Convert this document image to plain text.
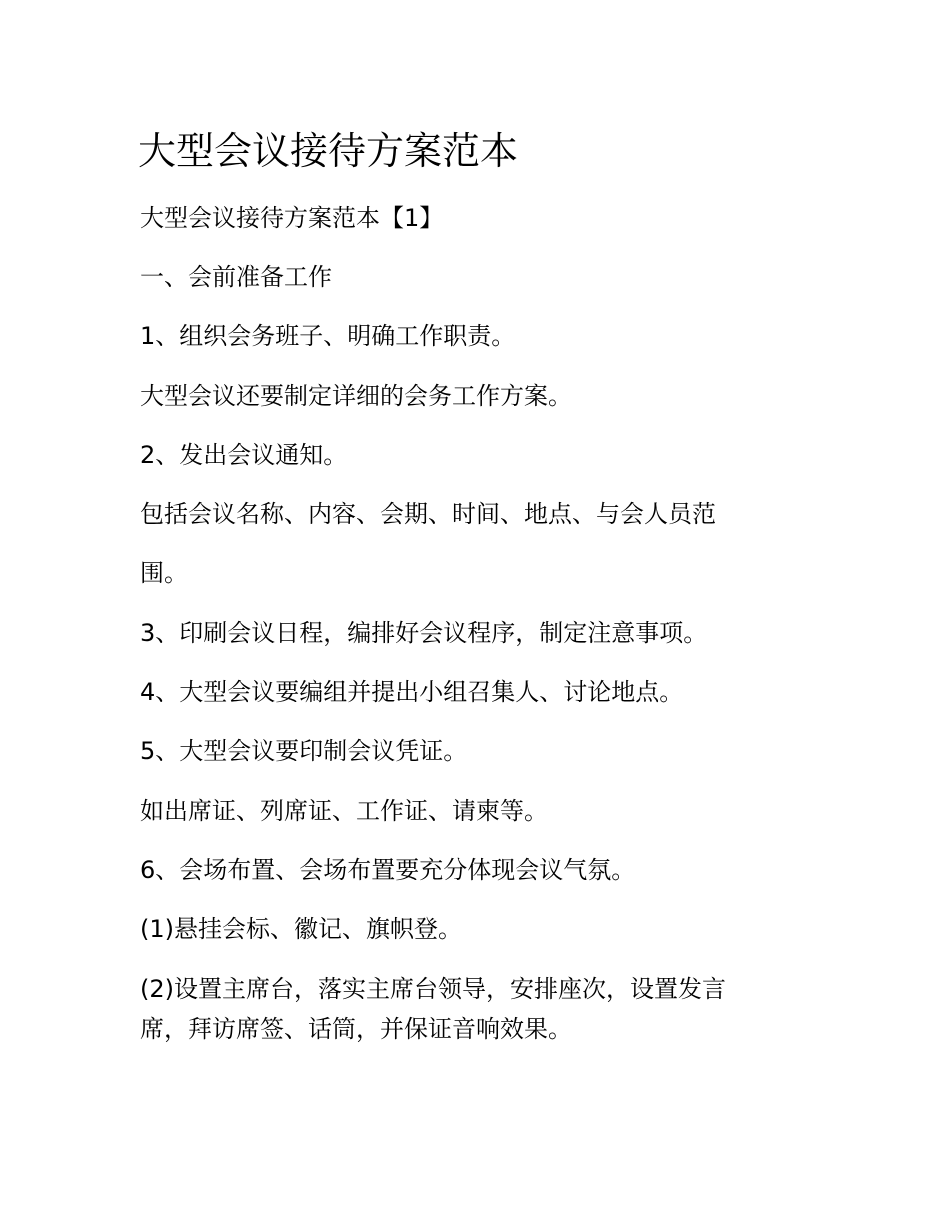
大型会议接待方案范本
大型会议接待方案范本【1】
一、会前准备工作
1、组织会务班子、明确工作职责。
大型会议还要制定详细的会务工作方案。
2、发出会议通知。
包括会议名称、内容、会期、时间、地点、与会人员范
围。
3、印刷会议日程，编排好会议程序，制定注意事项。
4、大型会议要编组并提出小组召集人、讨论地点。
5、大型会议要印制会议凭证。
如出席证、列席证、工作证、请柬等。
6、会场布置、会场布置要充分体现会议气氛。
(1)悬挂会标、徽记、旗帜登。
(2)设置主席台，落实主席台领导，安排座次，设置发言
席，拜访席签、话筒，并保证音响效果。
